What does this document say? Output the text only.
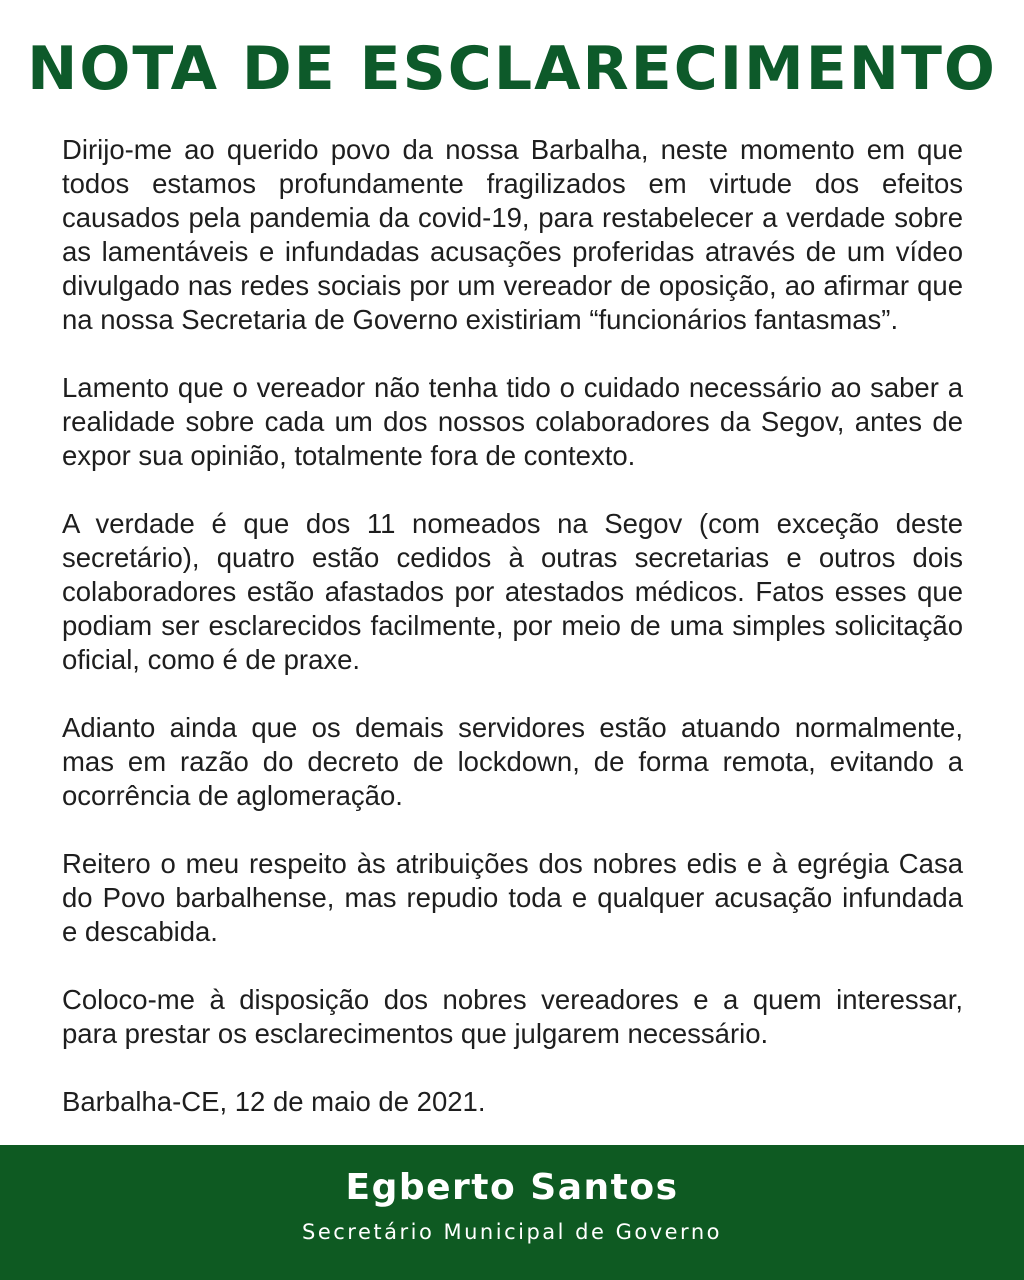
NOTA DE ESCLARECIMENTO

Dirijo-me ao querido povo da nossa Barbalha, neste momento em que todos estamos profundamente fragilizados em virtude dos efeitos causados pela pandemia da covid-19, para restabelecer a verdade sobre as lamentáveis e infundadas acusações proferidas através de um vídeo divulgado nas redes sociais por um vereador de oposição, ao afirmar que na nossa Secretaria de Governo existiriam “funcionários fantasmas”.

Lamento que o vereador não tenha tido o cuidado necessário ao saber a realidade sobre cada um dos nossos colaboradores da Segov, antes de expor sua opinião, totalmente fora de contexto.

A verdade é que dos 11 nomeados na Segov (com exceção deste secretário), quatro estão cedidos à outras secretarias e outros dois colaboradores estão afastados por atestados médicos. Fatos esses que podiam ser esclarecidos facilmente, por meio de uma simples solicitação oficial, como é de praxe.

Adianto ainda que os demais servidores estão atuando normalmente, mas em razão do decreto de lockdown, de forma remota, evitando a ocorrência de aglomeração.

Reitero o meu respeito às atribuições dos nobres edis e à egrégia Casa do Povo barbalhense, mas repudio toda e qualquer acusação infundada e descabida.

Coloco-me à disposição dos nobres vereadores e a quem interessar, para prestar os esclarecimentos que julgarem necessário.

Barbalha-CE, 12 de maio de 2021.

Egberto Santos
Secretário Municipal de Governo
